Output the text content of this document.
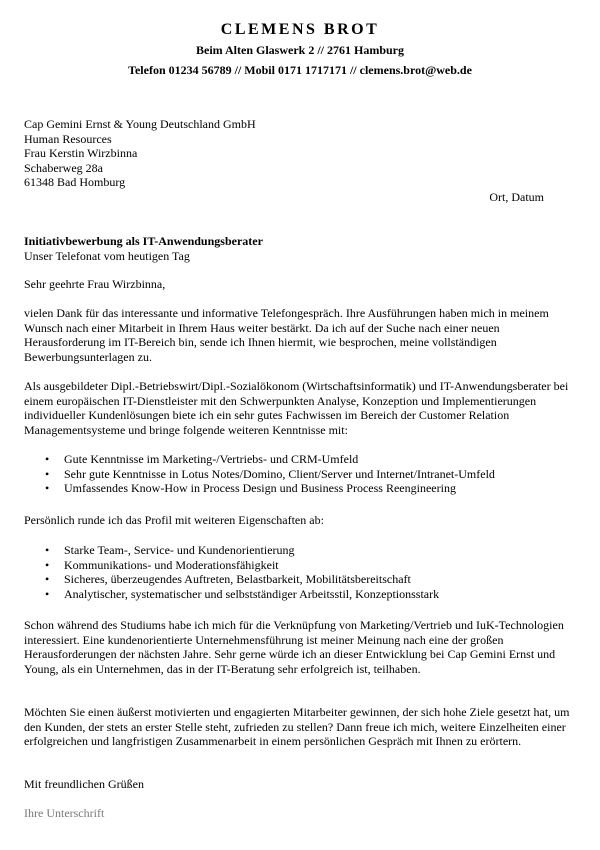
CLEMENS BROT
Beim Alten Glaswerk 2 // 2761 Hamburg
Telefon 01234 56789 // Mobil 0171 1717171 // clemens.brot@web.de
Cap Gemini Ernst & Young Deutschland GmbH
Human Resources
Frau Kerstin Wirzbinna
Schaberweg 28a
61348 Bad Homburg
Ort, Datum
Initiativbewerbung als IT-Anwendungsberater
Unser Telefonat vom heutigen Tag
Sehr geehrte Frau Wirzbinna,
vielen Dank für das interessante und informative Telefongespräch. Ihre Ausführungen haben mich in meinem Wunsch nach einer Mitarbeit in Ihrem Haus weiter bestärkt. Da ich auf der Suche nach einer neuen Herausforderung im IT-Bereich bin, sende ich Ihnen hiermit, wie besprochen, meine vollständigen Bewerbungsunterlagen zu.
Als ausgebildeter Dipl.-Betriebswirt/Dipl.-Sozialökonom (Wirtschaftsinformatik) und IT-Anwendungsberater bei einem europäischen IT-Dienstleister mit den Schwerpunkten Analyse, Konzeption und Implementierungen individueller Kundenlösungen biete ich ein sehr gutes Fachwissen im Bereich der Customer Relation Managementsysteme und bringe folgende weiteren Kenntnisse mit:
• Gute Kenntnisse im Marketing-/Vertriebs- und CRM-Umfeld
• Sehr gute Kenntnisse in Lotus Notes/Domino, Client/Server und Internet/Intranet-Umfeld
• Umfassendes Know-How in Process Design und Business Process Reengineering
Persönlich runde ich das Profil mit weiteren Eigenschaften ab:
• Starke Team-, Service- und Kundenorientierung
• Kommunikations- und Moderationsfähigkeit
• Sicheres, überzeugendes Auftreten, Belastbarkeit, Mobilitätsbereitschaft
• Analytischer, systematischer und selbstständiger Arbeitsstil, Konzeptionsstark
Schon während des Studiums habe ich mich für die Verknüpfung von Marketing/Vertrieb und IuK-Technologien interessiert. Eine kundenorientierte Unternehmensführung ist meiner Meinung nach eine der großen Herausforderungen der nächsten Jahre. Sehr gerne würde ich an dieser Entwicklung bei Cap Gemini Ernst und Young, als ein Unternehmen, das in der IT-Beratung sehr erfolgreich ist, teilhaben.
Möchten Sie einen äußerst motivierten und engagierten Mitarbeiter gewinnen, der sich hohe Ziele gesetzt hat, um den Kunden, der stets an erster Stelle steht, zufrieden zu stellen? Dann freue ich mich, weitere Einzelheiten einer erfolgreichen und langfristigen Zusammenarbeit in einem persönlichen Gespräch mit Ihnen zu erörtern.
Mit freundlichen Grüßen
Ihre Unterschrift
